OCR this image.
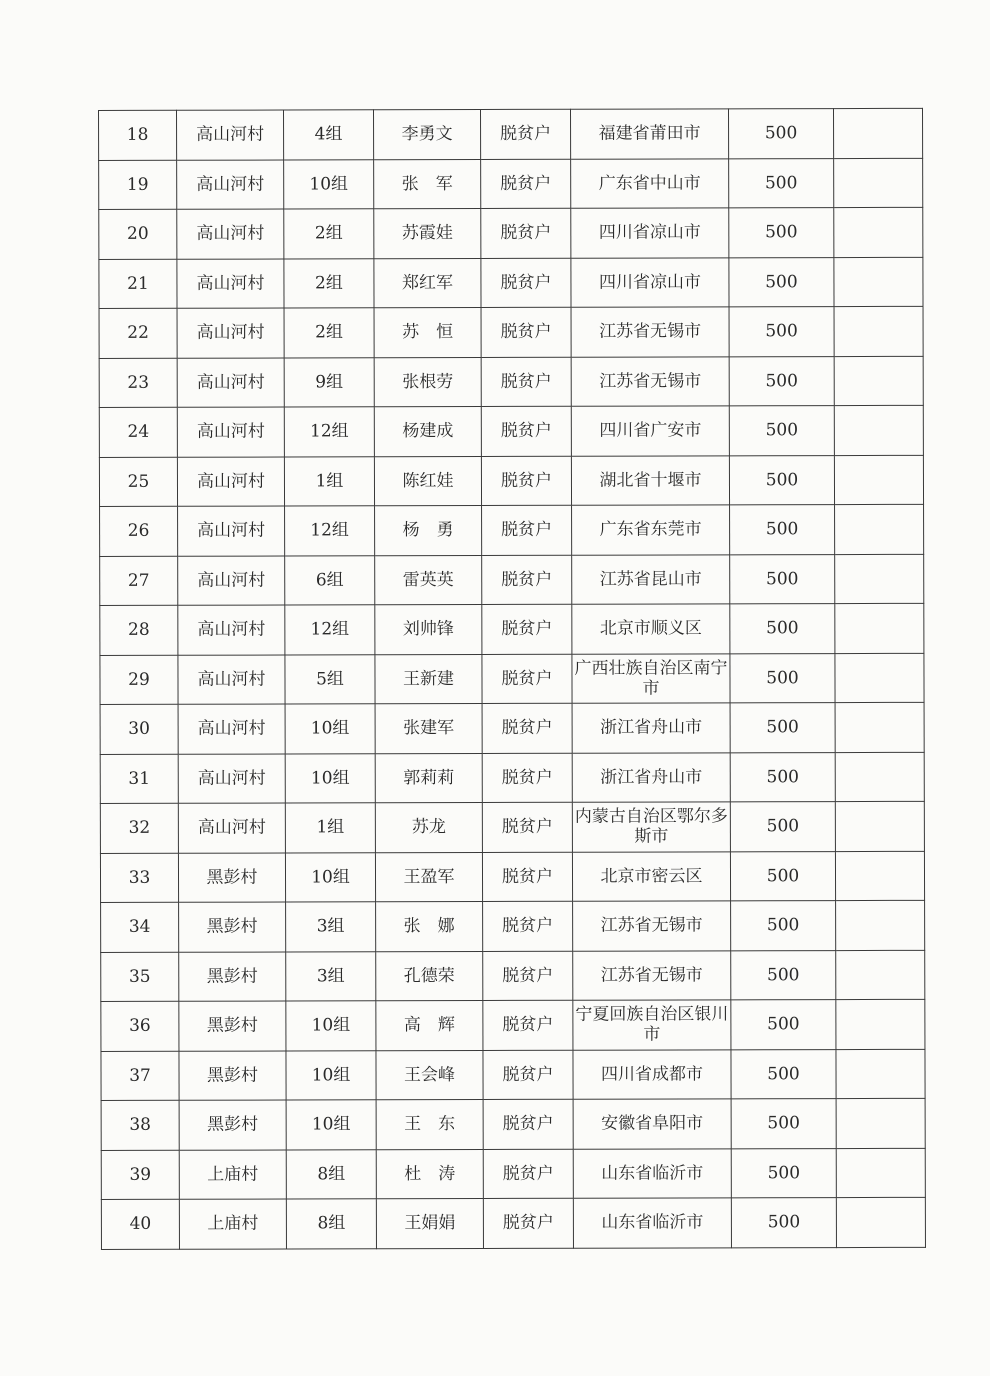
18	高山河村	4组	李勇文	脱贫户	福建省莆田市	500	
19	高山河村	10组	张　军	脱贫户	广东省中山市	500	
20	高山河村	2组	苏霞娃	脱贫户	四川省凉山市	500	
21	高山河村	2组	郑红军	脱贫户	四川省凉山市	500	
22	高山河村	2组	苏　恒	脱贫户	江苏省无锡市	500	
23	高山河村	9组	张根劳	脱贫户	江苏省无锡市	500	
24	高山河村	12组	杨建成	脱贫户	四川省广安市	500	
25	高山河村	1组	陈红娃	脱贫户	湖北省十堰市	500	
26	高山河村	12组	杨　勇	脱贫户	广东省东莞市	500	
27	高山河村	6组	雷英英	脱贫户	江苏省昆山市	500	
28	高山河村	12组	刘帅锋	脱贫户	北京市顺义区	500	
29	高山河村	5组	王新建	脱贫户	广西壮族自治区南宁市	500	
30	高山河村	10组	张建军	脱贫户	浙江省舟山市	500	
31	高山河村	10组	郭莉莉	脱贫户	浙江省舟山市	500	
32	高山河村	1组	苏龙	脱贫户	内蒙古自治区鄂尔多斯市	500	
33	黑彭村	10组	王盈军	脱贫户	北京市密云区	500	
34	黑彭村	3组	张　娜	脱贫户	江苏省无锡市	500	
35	黑彭村	3组	孔德荣	脱贫户	江苏省无锡市	500	
36	黑彭村	10组	高　辉	脱贫户	宁夏回族自治区银川市	500	
37	黑彭村	10组	王会峰	脱贫户	四川省成都市	500	
38	黑彭村	10组	王　东	脱贫户	安徽省阜阳市	500	
39	上庙村	8组	杜　涛	脱贫户	山东省临沂市	500	
40	上庙村	8组	王娟娟	脱贫户	山东省临沂市	500	
